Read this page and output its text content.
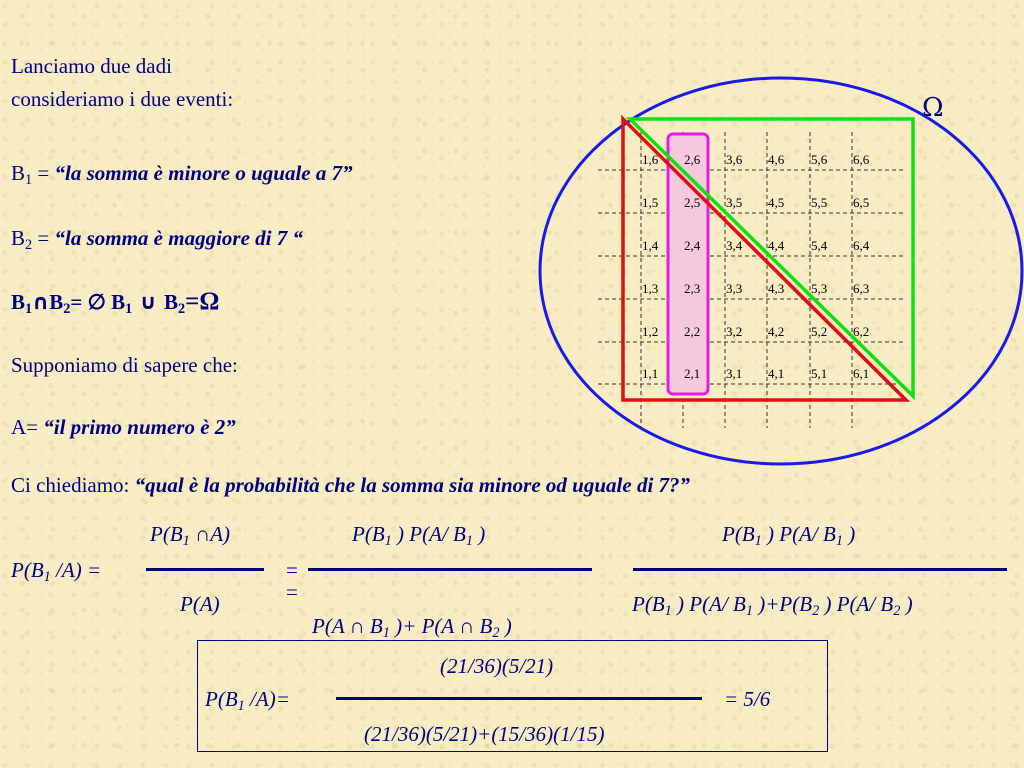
Lanciamo due dadi
consideriamo i due eventi:
$B_1$ = “la somma è minore o uguale a 7”
$B_2$ = “la somma è maggiore di 7 “
$B_1\cap B_2=$ ∅ $B_1$ ∪ $B_2=\Omega$
Supponiamo di sapere che:
A= “il primo numero è 2”
Ci chiediamo: “qual è la probabilità che la somma sia minore od uguale di 7?”
1,1
1,2
1,3
1,4
1,5
1,6
2,1
2,2
2,3
2,4
2,5
2,6
3,1
3,2
3,3
3,4
3,5
3,6
4,1
4,2
4,3
4,4
4,5
4,6
5,1
5,2
5,3
5,4
5,5
5,6
6,1
6,2
6,3
6,4
6,5
6,6
Ω
$P(B_1$ /A) =
$P(B_1$ ∩A)
P(A)
=
=
$P(B_1$ ) P(A/ $B_1$ )
P(A ∩ $B_1$ )+ P(A ∩ $B_2$ )
$P(B_1$ ) P(A/ $B_1$ )
$P(B_1$ ) P(A/ $B_1$ )$+P(B_2$ ) P(A/ $B_2$ )
(21/36)(5/21)
$P(B_1$ /A)=	= 5/6
(21/36)(5/21)+(15/36)(1/15)
